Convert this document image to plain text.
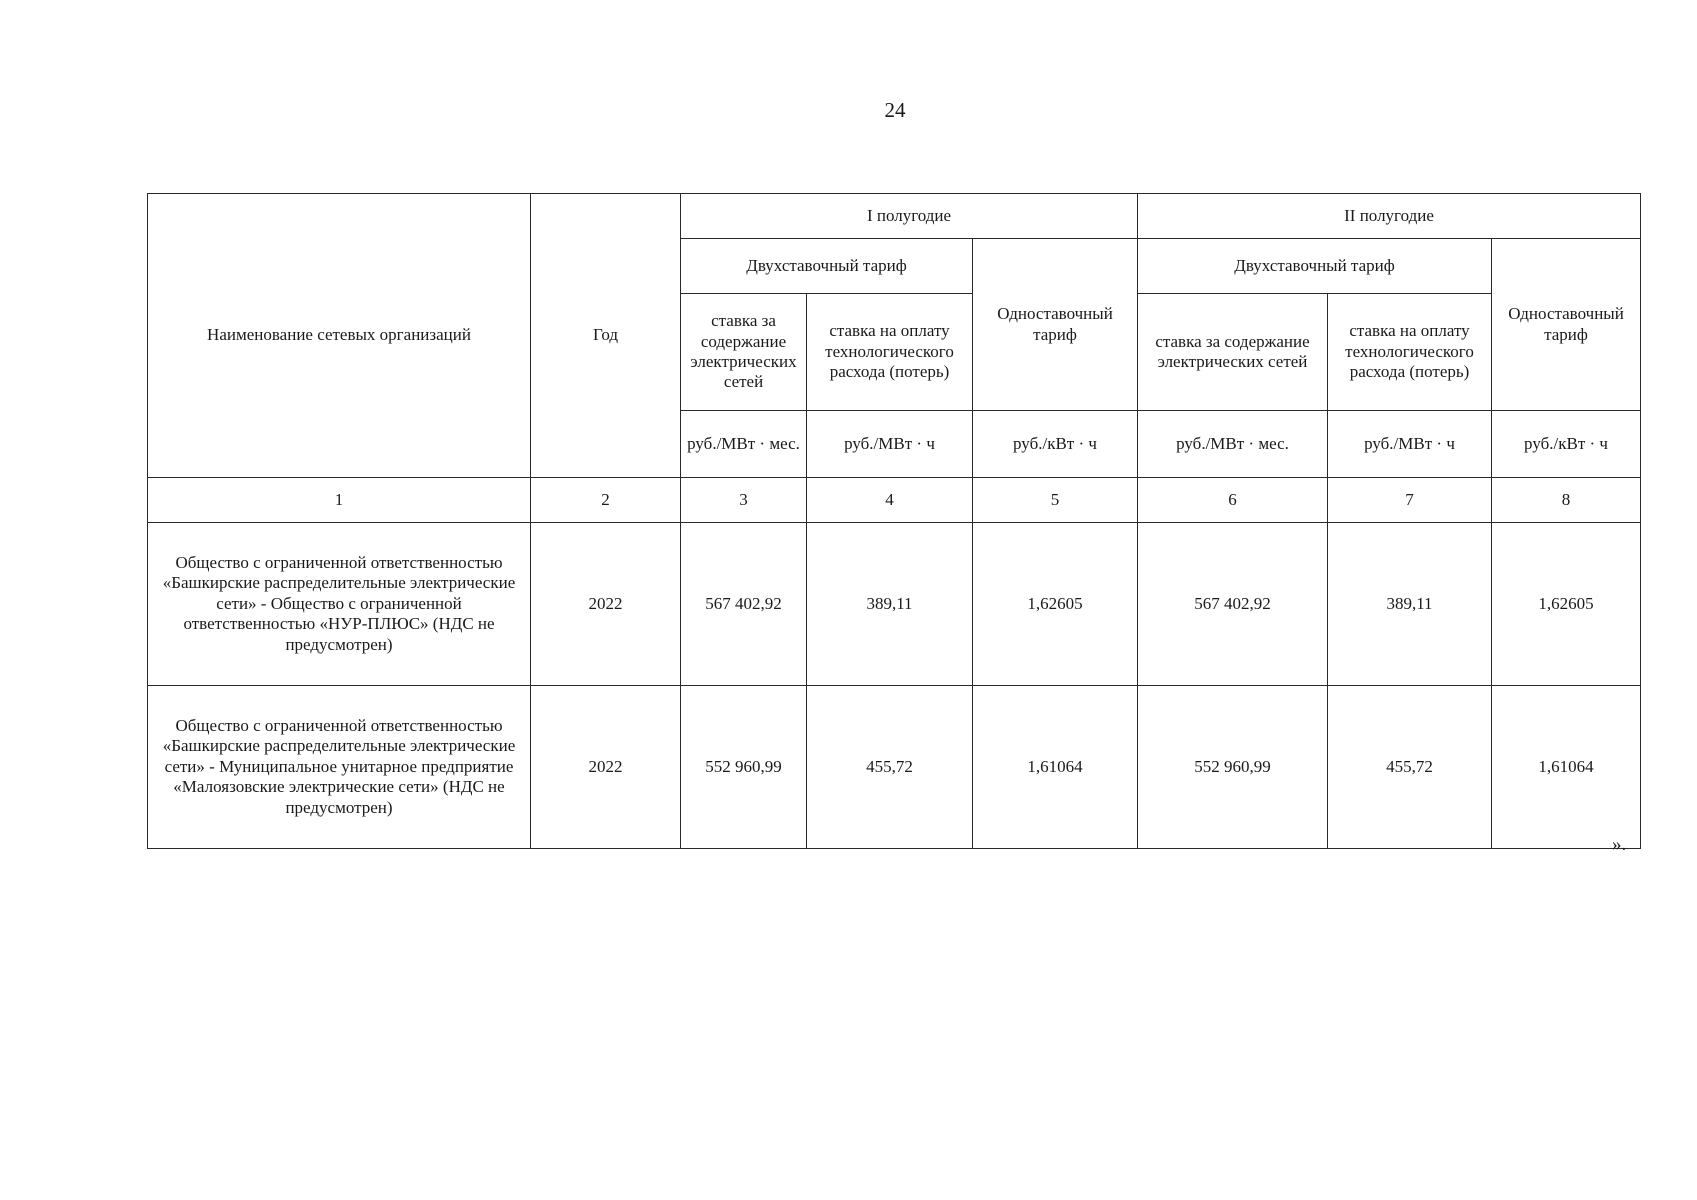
24
Наименование сетевых организаций	Год	I полугодие			II полугодие		
		Двухставочный тариф		Одноставочный тариф	Двухставочный тариф		Одноставочный тариф
		ставка за содержание электрических сетей	ставка на оплату технологического расхода (потерь)		ставка за содержание электрических сетей	ставка на оплату технологического расхода (потерь)	
		руб./МВт · мес.	руб./МВт · ч	руб./кВт · ч	руб./МВт · мес.	руб./МВт · ч	руб./кВт · ч
1	2	3	4	5	6	7	8
Общество с ограниченной ответственностью «Башкирские распределительные электрические сети» - Общество с ограниченной ответственностью «НУР-ПЛЮС» (НДС не предусмотрен)	2022	567 402,92	389,11	1,62605	567 402,92	389,11	1,62605
Общество с ограниченной ответственностью «Башкирские распределительные электрические сети» - Муниципальное унитарное предприятие «Малоязовские электрические сети» (НДС не предусмотрен)	2022	552 960,99	455,72	1,61064	552 960,99	455,72	1,61064
».
